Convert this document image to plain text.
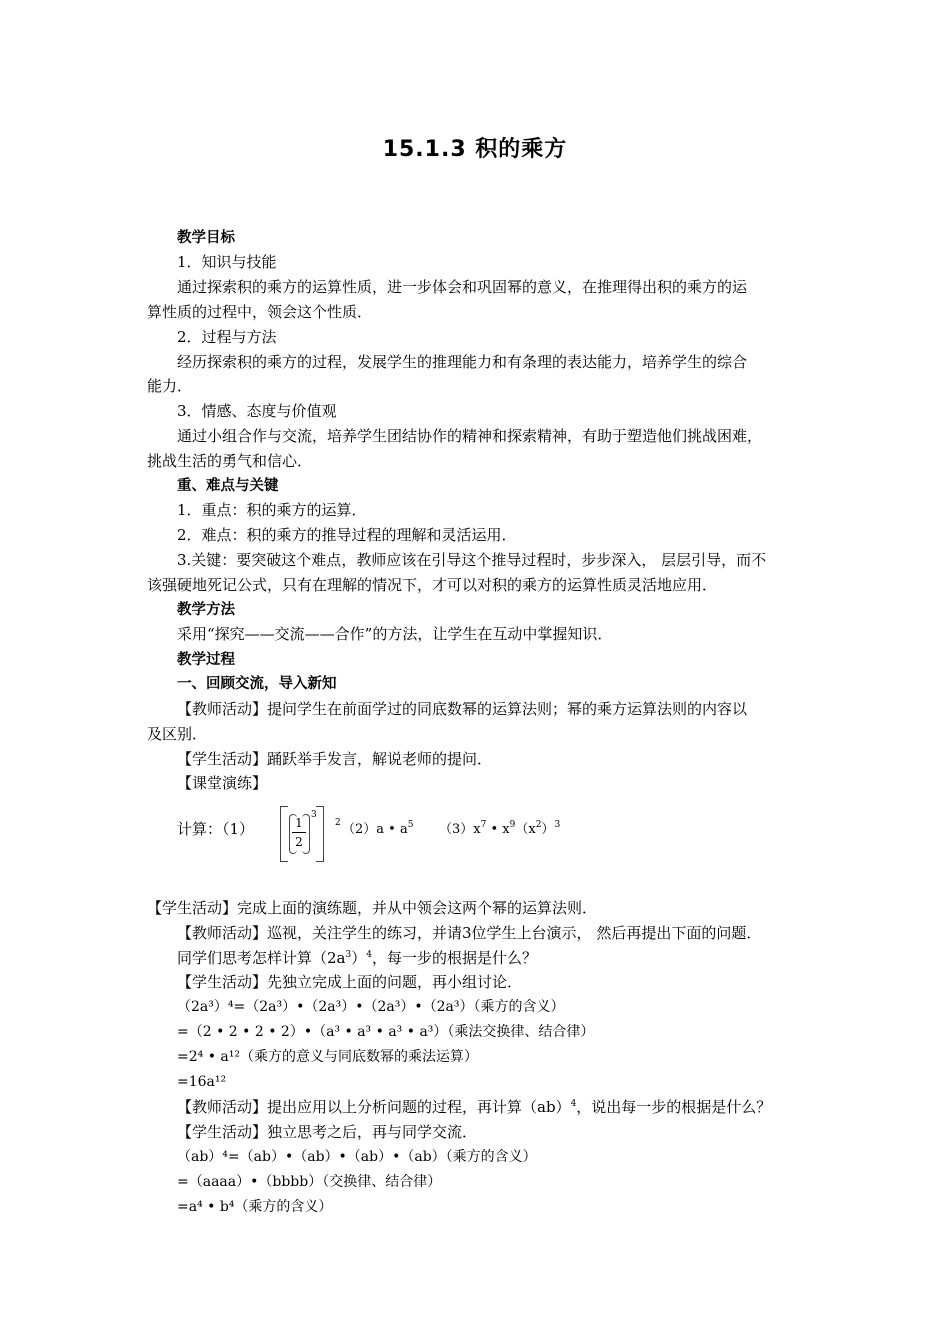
15.1.3 积的乘方
教学目标
1．知识与技能
通过探索积的乘方的运算性质，进一步体会和巩固幂的意义，在推理得出积的乘方的运
算性质的过程中，领会这个性质．
2．过程与方法
经历探索积的乘方的过程，发展学生的推理能力和有条理的表达能力，培养学生的综合
能力．
3．情感、态度与价值观
通过小组合作与交流，培养学生团结协作的精神和探索精神，有助于塑造他们挑战困难，
挑战生活的勇气和信心．
重、难点与关键
1．重点：积的乘方的运算．
2．难点：积的乘方的推导过程的理解和灵活运用．
3.关键：要突破这个难点，教师应该在引导这个推导过程时，步步深入， 层层引导，而不
该强硬地死记公式，只有在理解的情况下，才可以对积的乘方的运算性质灵活地应用．
教学方法
采用“探究——交流——合作”的方法，让学生在互动中掌握知识．
教学过程
一、回顾交流，导入新知
【教师活动】提问学生在前面学过的同底数幂的运算法则；幂的乘方运算法则的内容以
及区别．
【学生活动】踊跃举手发言，解说老师的提问．
【课堂演练】
计算：（1）	$\frac{1}{2} 3$
2 （2）a • $a^5$ $(3)x^7$ • $x^9(x^2)^3$
【学生活动】完成上面的演练题，并从中领会这两个幂的运算法则．
【教师活动】巡视，关注学生的练习，并请3位学生上台演示， 然后再提出下面的问题．
同学们思考怎样计算$(2a^3)^4$，每一步的根据是什么？
【学生活动】先独立完成上面的问题，再小组讨论．
（2a³）⁴=（2a³）•（2a³）•（2a³）•（2a³）（乘方的含义）
=（2 • 2 • 2 • 2）•（a³ • a³ • a³ • a³）（乘法交换律、结合律）
=2⁴ • a¹²（乘方的意义与同底数幂的乘法运算）
=16a¹²
【教师活动】提出应用以上分析问题的过程，再计算（ab）$^4$，说出每一步的根据是什么？
【学生活动】独立思考之后，再与同学交流．
（ab）⁴=（ab）•（ab）•（ab）•（ab）（乘方的含义）
=（aaaa）•（bbbb）（交换律、结合律）
=a⁴ • b⁴（乘方的含义）
